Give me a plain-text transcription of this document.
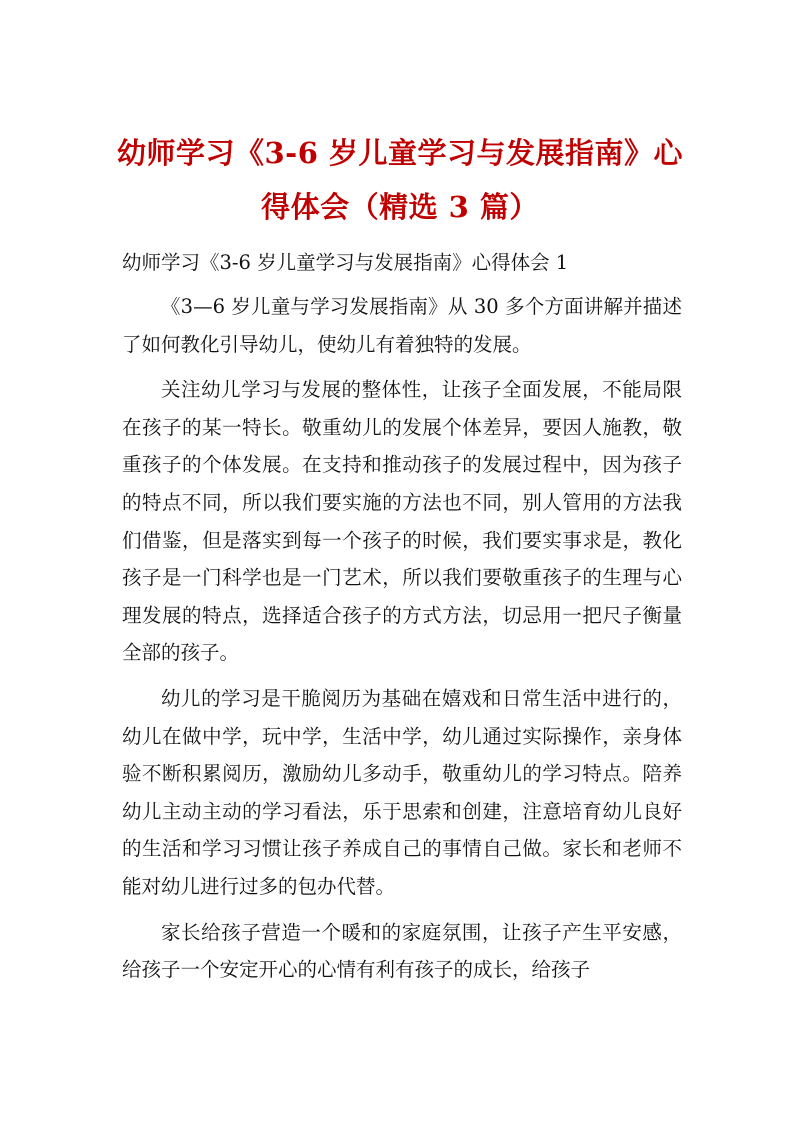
幼师学习《3-6 岁儿童学习与发展指南》心得体会（精选 3 篇）
幼师学习《3-6 岁儿童学习与发展指南》心得体会 1

《3—6 岁儿童与学习发展指南》从 30 多个方面讲解并描述了如何教化引导幼儿，使幼儿有着独特的发展。

关注幼儿学习与发展的整体性，让孩子全面发展，不能局限在孩子的某一特长。敬重幼儿的发展个体差异，要因人施教，敬重孩子的个体发展。在支持和推动孩子的发展过程中，因为孩子的特点不同，所以我们要实施的方法也不同，别人管用的方法我们借鉴，但是落实到每一个孩子的时候，我们要实事求是，教化孩子是一门科学也是一门艺术，所以我们要敬重孩子的生理与心理发展的特点，选择适合孩子的方式方法，切忌用一把尺子衡量全部的孩子。

幼儿的学习是干脆阅历为基础在嬉戏和日常生活中进行的，幼儿在做中学，玩中学，生活中学，幼儿通过实际操作，亲身体验不断积累阅历，激励幼儿多动手，敬重幼儿的学习特点。陪养幼儿主动主动的学习看法，乐于思索和创建，注意培育幼儿良好的生活和学习习惯让孩子养成自己的事情自己做。家长和老师不能对幼儿进行过多的包办代替。

家长给孩子营造一个暖和的家庭氛围，让孩子产生平安感，给孩子一个安定开心的心情有利有孩子的成长，给孩子
